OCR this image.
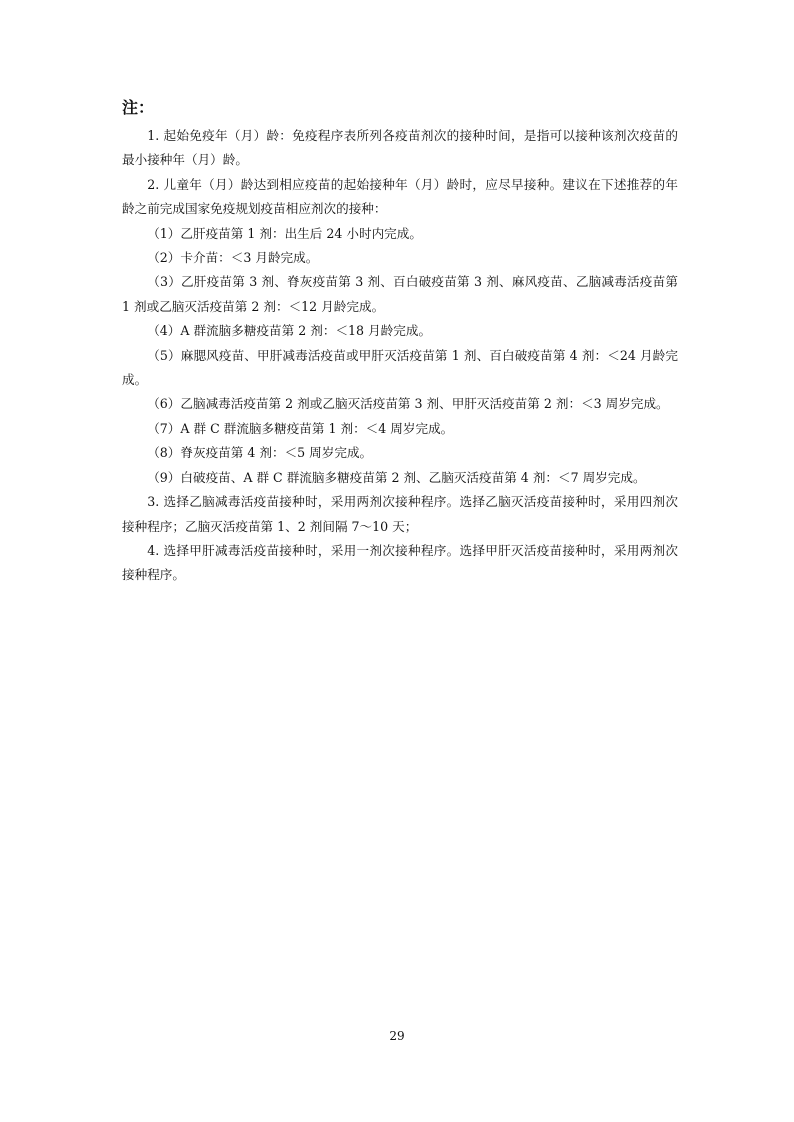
注：

1. 起始免疫年（月）龄：免疫程序表所列各疫苗剂次的接种时间，是指可以接种该剂次疫苗的最小接种年（月）龄。

2. 儿童年（月）龄达到相应疫苗的起始接种年（月）龄时，应尽早接种。建议在下述推荐的年龄之前完成国家免疫规划疫苗相应剂次的接种：

（1）乙肝疫苗第 1 剂：出生后 24 小时内完成。

（2）卡介苗：＜3 月龄完成。

（3）乙肝疫苗第 3 剂、脊灰疫苗第 3 剂、百白破疫苗第 3 剂、麻风疫苗、乙脑减毒活疫苗第 1 剂或乙脑灭活疫苗第 2 剂：＜12 月龄完成。

（4）A 群流脑多糖疫苗第 2 剂：＜18 月龄完成。

（5）麻腮风疫苗、甲肝减毒活疫苗或甲肝灭活疫苗第 1 剂、百白破疫苗第 4 剂：＜24 月龄完成。

（6）乙脑减毒活疫苗第 2 剂或乙脑灭活疫苗第 3 剂、甲肝灭活疫苗第 2 剂：＜3 周岁完成。

（7）A 群 C 群流脑多糖疫苗第 1 剂：＜4 周岁完成。

（8）脊灰疫苗第 4 剂：＜5 周岁完成。

（9）白破疫苗、A 群 C 群流脑多糖疫苗第 2 剂、乙脑灭活疫苗第 4 剂：＜7 周岁完成。

3. 选择乙脑减毒活疫苗接种时，采用两剂次接种程序。选择乙脑灭活疫苗接种时，采用四剂次接种程序；乙脑灭活疫苗第 1、2 剂间隔 7～10 天；

4. 选择甲肝减毒活疫苗接种时，采用一剂次接种程序。选择甲肝灭活疫苗接种时，采用两剂次接种程序。

29
